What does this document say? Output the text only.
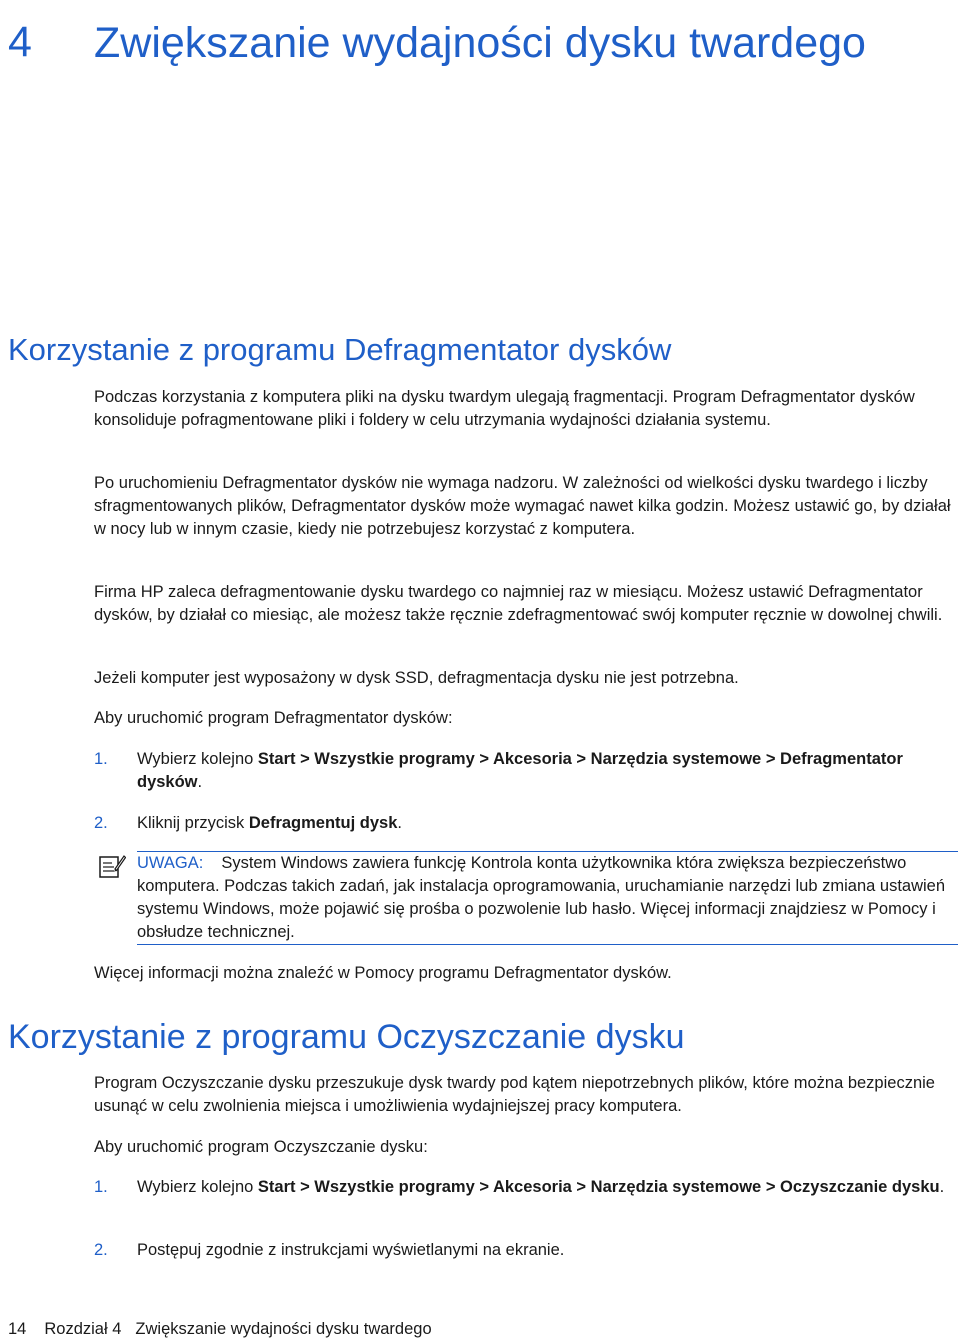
4 Zwiększanie wydajności dysku twardego
Korzystanie z programu Defragmentator dysków

Podczas korzystania z komputera pliki na dysku twardym ulegają fragmentacji. Program Defragmentator dysków konsoliduje pofragmentowane pliki i foldery w celu utrzymania wydajności działania systemu.

Po uruchomieniu Defragmentator dysków nie wymaga nadzoru. W zależności od wielkości dysku twardego i liczby sfragmentowanych plików, Defragmentator dysków może wymagać nawet kilka godzin. Możesz ustawić go, by działał w nocy lub w innym czasie, kiedy nie potrzebujesz korzystać z komputera.

Firma HP zaleca defragmentowanie dysku twardego co najmniej raz w miesiącu. Możesz ustawić Defragmentator dysków, by działał co miesiąc, ale możesz także ręcznie zdefragmentować swój komputer ręcznie w dowolnej chwili.

Jeżeli komputer jest wyposażony w dysk SSD, defragmentacja dysku nie jest potrzebna.

Aby uruchomić program Defragmentator dysków:

1. Wybierz kolejno Start > Wszystkie programy > Akcesoria > Narzędzia systemowe > Defragmentator dysków.
2. Kliknij przycisk Defragmentuj dysk.
UWAGA: System Windows zawiera funkcję Kontrola konta użytkownika która zwiększa bezpieczeństwo komputera. Podczas takich zadań, jak instalacja oprogramowania, uruchamianie narzędzi lub zmiana ustawień systemu Windows, może pojawić się prośba o pozwolenie lub hasło. Więcej informacji znajdziesz w Pomocy i obsłudze technicznej.

Więcej informacji można znaleźć w Pomocy programu Defragmentator dysków.

Korzystanie z programu Oczyszczanie dysku

Program Oczyszczanie dysku przeszukuje dysk twardy pod kątem niepotrzebnych plików, które można bezpiecznie usunąć w celu zwolnienia miejsca i umożliwienia wydajniejszej pracy komputera.

Aby uruchomić program Oczyszczanie dysku:

1. Wybierz kolejno Start > Wszystkie programy > Akcesoria > Narzędzia systemowe > Oczyszczanie dysku.
2. Postępuj zgodnie z instrukcjami wyświetlanymi na ekranie.
14 Rozdział 4 Zwiększanie wydajności dysku twardego
